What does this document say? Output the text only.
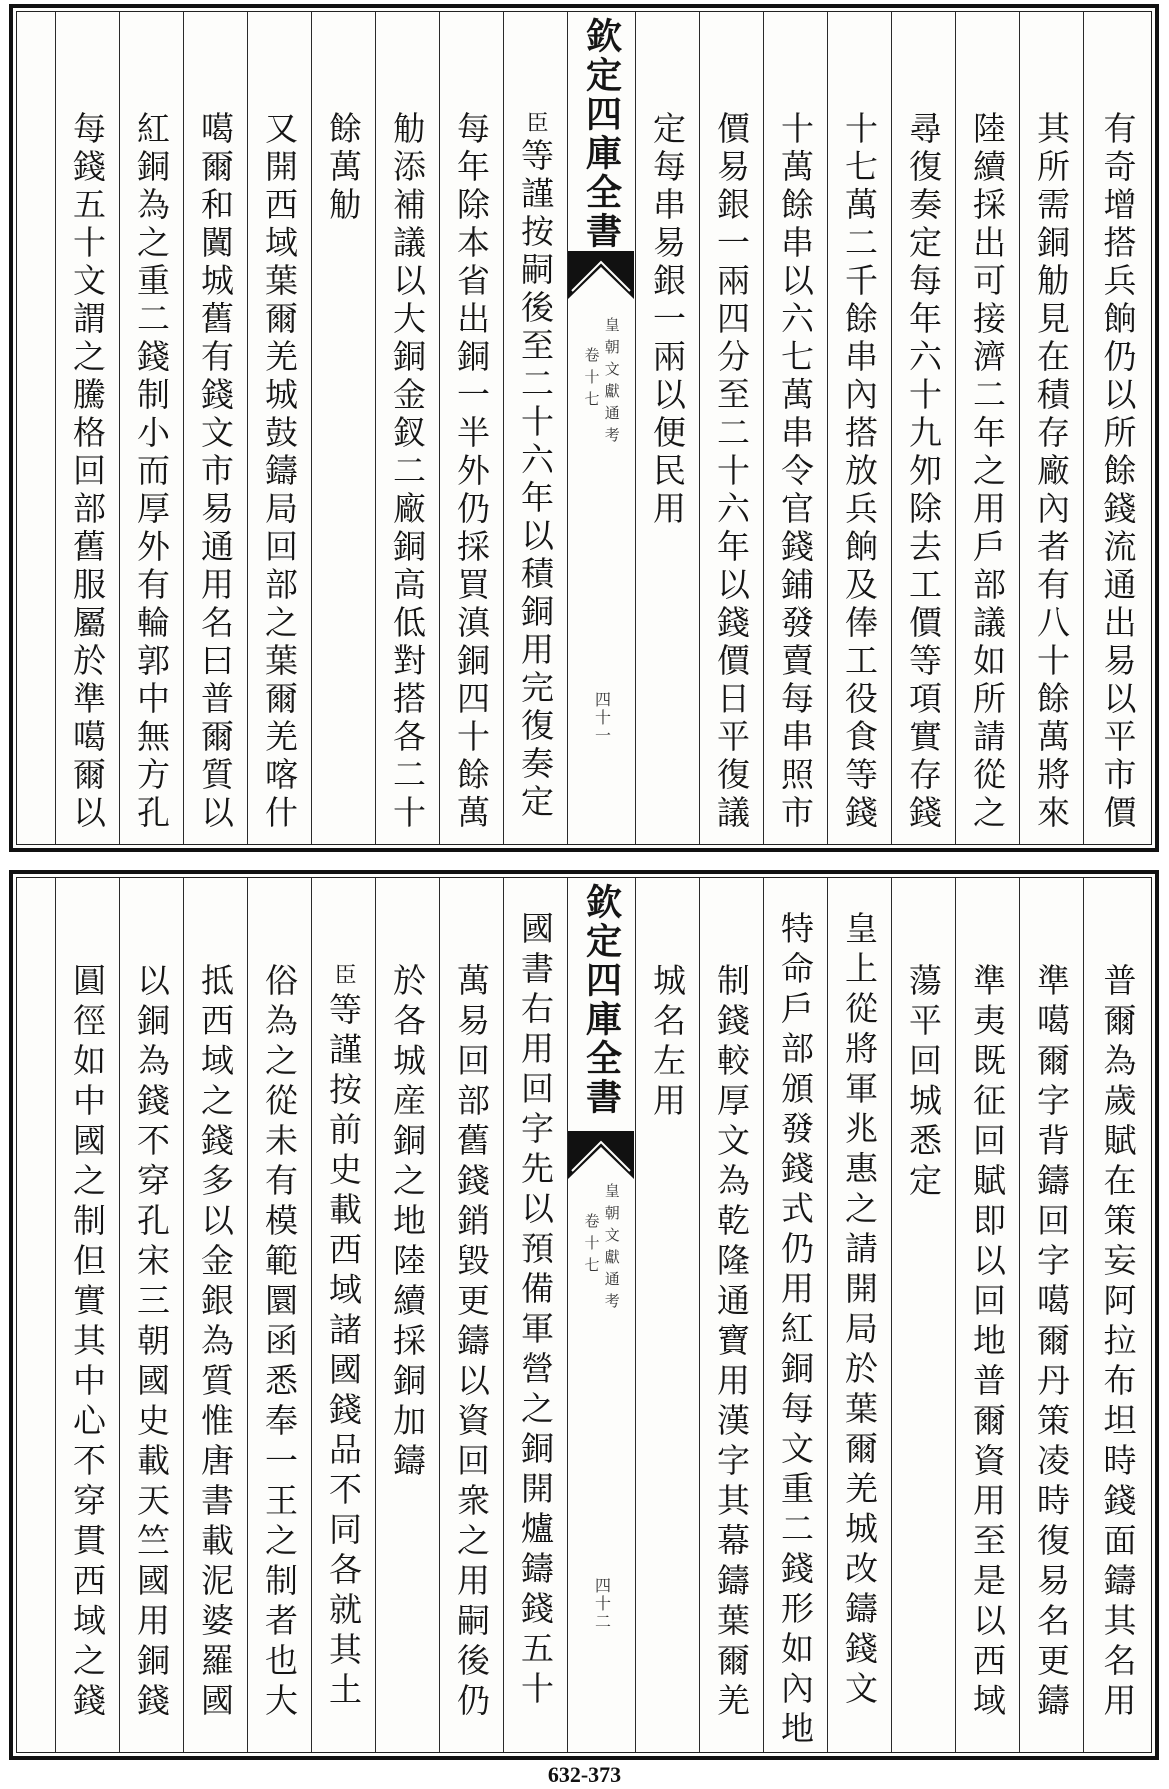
有奇增搭兵餉仍以所餘錢流通出易以平市價
其所需銅觔見在積存廠內者有八十餘萬將來
陸續採出可接濟二年之用戶部議如所請從之
尋復奏定每年六十九夘除去工價等項實存錢
十七萬二千餘串內搭放兵餉及俸工役食等錢
十萬餘串以六七萬串令官錢鋪發賣每串照市
價易銀一兩四分至二十六年以錢價日平復議
定每串易銀一兩以便民用
欽定四庫全書
皇朝文獻通考
卷十七
四十一
臣等謹按嗣後至二十六年以積銅用完復奏定
每年除本省出銅一半外仍採買滇銅四十餘萬
觔添補議以大銅金釵二廠銅高低對搭各二十
餘萬觔
又開西域葉爾羌城鼓鑄局回部之葉爾羌喀什
噶爾和闐城舊有錢文市易通用名曰普爾質以
紅銅為之重二錢制小而厚外有輪郭中無方孔
每錢五十文謂之騰格回部舊服屬於準噶爾以
普爾為歲賦在策妄阿拉布坦時錢面鑄其名用
準噶爾字背鑄回字噶爾丹策凌時復易名更鑄
準夷既征回賦即以回地普爾資用至是以西域
蕩平回城悉定
皇上從將軍兆惠之請開局於葉爾羌城改鑄錢文
特命戶部頒發錢式仍用紅銅每文重二錢形如內地
制錢較厚文為乾隆通寶用漢字其幕鑄葉爾羌
城名左用
欽定四庫全書
皇朝文獻通考
卷十七
四十二
國書右用回字先以預備軍營之銅開爐鑄錢五十
萬易回部舊錢銷毀更鑄以資回衆之用嗣後仍
於各城産銅之地陸續採銅加鑄
臣等謹按前史載西域諸國錢品不同各就其土
俗為之從未有模範圜函悉奉一王之制者也大
抵西域之錢多以金銀為質惟唐書載泥婆羅國
以銅為錢不穿孔宋三朝國史載天竺國用銅錢
圓徑如中國之制但實其中心不穿貫西域之錢
632-373
